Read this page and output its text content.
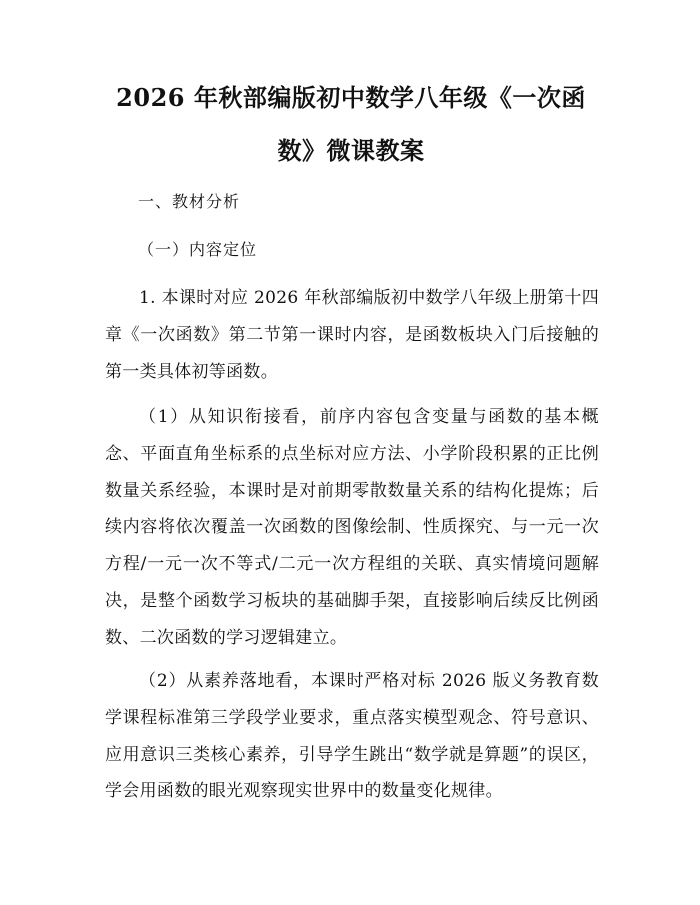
2026 年秋部编版初中数学八年级《一次函
数》微课教案

一、教材分析

（一）内容定位

1. 本课时对应 2026 年秋部编版初中数学八年级上册第十四章《一次函数》第二节第一课时内容，是函数板块入门后接触的第一类具体初等函数。

（1）从知识衔接看，前序内容包含变量与函数的基本概念、平面直角坐标系的点坐标对应方法、小学阶段积累的正比例数量关系经验，本课时是对前期零散数量关系的结构化提炼；后续内容将依次覆盖一次函数的图像绘制、性质探究、与一元一次方程/一元一次不等式/二元一次方程组的关联、真实情境问题解决，是整个函数学习板块的基础脚手架，直接影响后续反比例函数、二次函数的学习逻辑建立。

（2）从素养落地看，本课时严格对标 2026 版义务教育数学课程标准第三学段学业要求，重点落实模型观念、符号意识、应用意识三类核心素养，引导学生跳出“数学就是算题”的误区，学会用函数的眼光观察现实世界中的数量变化规律。
